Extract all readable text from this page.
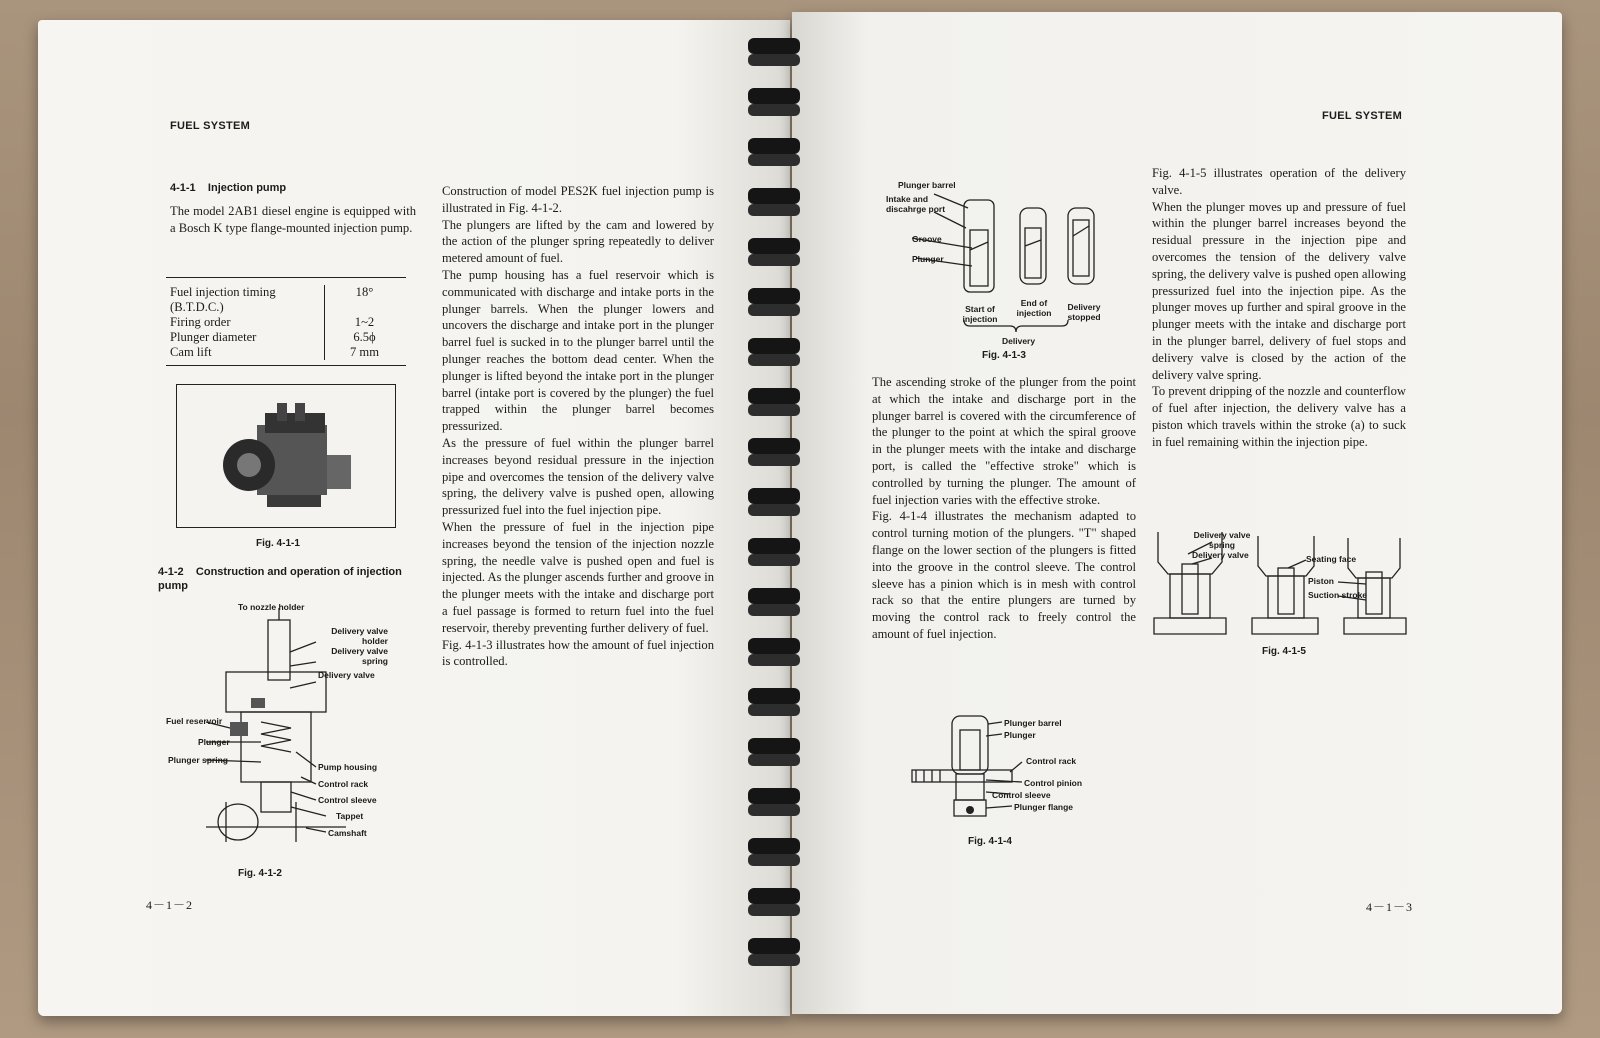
FUEL SYSTEM
4-1-1 Injection pump
The model 2AB1 diesel engine is equipped with a Bosch K type flange-mounted injection pump.
Fuel injection timing (B.T.D.C.)	18°
Firing order	1~2
Plunger diameter	6.5ϕ
Cam lift	7 mm
Fig. 4-1-1
4-1-2 Construction and operation of injection pump
To nozzle holder
Delivery valve holder
Delivery valve spring
Delivery valve
Fuel reservoir
Plunger
Plunger spring
Pump housing
Control rack
Control sleeve
Tappet
Camshaft
Fig. 4-1-2
Construction of model PES2K fuel injection pump is illustrated in Fig. 4-1-2.
The plungers are lifted by the cam and lowered by the action of the plunger spring repeatedly to deliver metered amount of fuel.
The pump housing has a fuel reservoir which is communicated with discharge and intake ports in the plunger barrels. When the plunger lowers and uncovers the discharge and intake port in the plunger barrel fuel is sucked in to the plunger barrel until the plunger reaches the bottom dead center. When the plunger is lifted beyond the intake port in the plunger barrel (intake port is covered by the plunger) the fuel trapped within the plunger barrel becomes pressurized.
As the pressure of fuel within the plunger barrel increases beyond residual pressure in the injection pipe and overcomes the tension of the delivery valve spring, the delivery valve is pushed open, allowing pressurized fuel into the fuel injection pipe.
When the pressure of fuel in the injection pipe increases beyond the tension of the injection nozzle spring, the needle valve is pushed open and fuel is injected. As the plunger ascends further and groove in the plunger meets with the intake and discharge port a fuel passage is formed to return fuel into the fuel reservoir, thereby preventing further delivery of fuel.
Fig. 4-1-3 illustrates how the amount of fuel injection is controlled.
4－1－2
FUEL SYSTEM
Plunger barrel
Intake and discahrge port
Groove
Plunger
Start of injection
End of injection
Delivery stopped
Delivery
Fig. 4-1-3
The ascending stroke of the plunger from the point at which the intake and discharge port in the plunger barrel is covered with the circumference of the plunger to the point at which the spiral groove in the plunger meets with the intake and discharge port, is called the "effective stroke" which is controlled by turning the plunger. The amount of fuel injection varies with the effective stroke.
Fig. 4-1-4 illustrates the mechanism adapted to control turning motion of the plungers. "T" shaped flange on the lower section of the plungers is fitted into the groove in the control sleeve. The control sleeve has a pinion which is in mesh with control rack so that the entire plungers are turned by moving the control rack to freely control the amount of fuel injection.
Plunger barrel
Plunger
Control rack
Control pinion
Control sleeve
Plunger flange
Fig. 4-1-4
Fig. 4-1-5 illustrates operation of the delivery valve.
When the plunger moves up and pressure of fuel within the plunger barrel increases beyond the residual pressure in the injection pipe and overcomes the tension of the delivery valve spring, the delivery valve is pushed open allowing pressurized fuel into the injection pipe. As the plunger moves up further and spiral groove in the plunger meets with the intake and discharge port in the plunger barrel, delivery of fuel stops and delivery valve is closed by the action of the delivery valve spring.
To prevent dripping of the nozzle and counterflow of fuel after injection, the delivery valve has a piston which travels within the stroke (a) to suck in fuel remaining within the injection pipe.
Delivery valve spring
Delivery valve	Seating face
Piston
Suction stroke
Fig. 4-1-5
4－1－3
